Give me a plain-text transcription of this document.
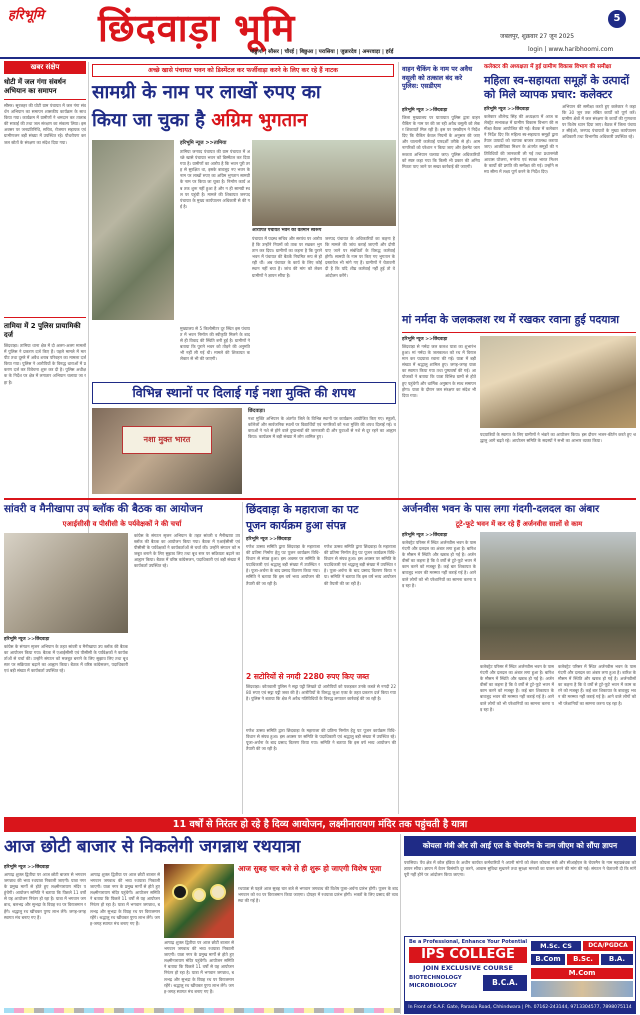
हरिभूमि छिंदवाड़ा भूमि	5
जबलपुर, शुक्रवार 27 जून 2025
login | www.haribhoomi.com
पांढुर्णा | सौसर | चौरई | बिछुआ | परासिया | जुन्नारदेव | अमरवाड़ा | हर्रई
खबर संक्षेप
धोटी में जल गंगा संवर्धन अभियान का समापन
सौसर। सूरजहर की घोटी ग्राम पंचायत में जल गंगा संवर्धन अभियान का समापन शासकीय कार्यक्रम के साथ किया गया। कार्यक्रम में ग्रामीणों ने श्रमदान कर तालाब की सफाई की तथा जल संरक्षण का संकल्प लिया। इस अवसर पर जनप्रतिनिधि, सचिव, रोजगार सहायक एवं ग्रामीणजन बड़ी संख्या में उपस्थित रहे। पौधरोपण कर जल स्रोतों के संरक्षण का संदेश दिया गया।
तामिया में 2 पुलिस प्रायामिकी दर्ज
छिंदवाड़ा। तामिया थाना क्षेत्र में दो अलग-अलग मामलों में पुलिस ने प्रकरण दर्ज किए हैं। पहले मामले में मारपीट तथा दूसरे में अवैध शराब परिवहन का मामला दर्ज किया गया। पुलिस ने आरोपियों के विरुद्ध धाराओं में प्रकरण दर्ज कर विवेचना शुरू कर दी है। पुलिस अधीक्षक के निर्देश पर क्षेत्र में लगातार अभियान चलाया जा रहा है।
अच्छे खासे पंचायत भवन को डिस्मेंटल कर फर्जीवाड़ा करने के लिए कर रहे हैं नाटक
सामग्री के नाम पर लाखों रुपए का
किया जा चुका है अग्रिम भुगतान
हरिभूमि न्यूज >>तामिया
तामिया जनपद पंचायत की ग्राम पंचायत में अच्छे खासे पंचायत भवन को डिस्मेंटल कर दिया गया है। ग्रामीणों का आरोप है कि भवन पूरी तरह से सुरक्षित था, इसके बावजूद नए भवन के नाम पर लाखों रुपए का अग्रिम भुगतान सामग्री के नाम पर किया जा चुका है। निर्माण कार्य अब तक शुरू नहीं हुआ है और न ही सामग्री स्थल पर पहुंची है। मामले की शिकायत जनपद पंचायत के मुख्य कार्यपालन अधिकारी से की गई है।
आरोपित पंचायत भवन का वर्तमान स्वरूप
पंचायत में पदस्थ सचिव और सरपंच पर आरोप है कि उन्होंने नियमों को ताक पर रखकर भुगतान कर दिया। ग्रामीणों का कहना है कि पुराने भवन में पंचायत की बैठकें नियमित रूप से हो रही थीं। अब पंचायत के कार्य के लिए कोई स्थान नहीं बचा है। जांच की मांग को लेकर ग्रामीणों ने ज्ञापन सौंपा है।
जनपद पंचायत के अधिकारियों का कहना है कि मामले की जांच कराई जाएगी और दोषी पाए जाने पर संबंधितों के विरुद्ध कार्रवाई होगी। सामग्री के नाम पर किए गए भुगतान के दस्तावेज भी मांगे गए हैं। ग्रामीणों ने चेतावनी दी है कि यदि शीघ्र कार्रवाई नहीं हुई तो वे आंदोलन करेंगे।
मुख्यालय से 5 किलोमीटर दूर स्थित इस पंचायत में भवन निर्माण की स्वीकृति मिलने के बाद से ही विवाद की स्थिति बनी हुई है। ग्रामीणों ने बताया कि पुराने भवन को तोड़ने की अनुमति भी नहीं ली गई थी। मामले की शिकायत कलेक्टर से भी की जाएगी।
विभिन्न स्थानों पर दिलाई गई नशा मुक्ति की शपथ
नशा मुक्त भारत
छिंदवाड़ा।
नशा मुक्ति अभियान के अंतर्गत जिले के विभिन्न स्थानों पर कार्यक्रम आयोजित किए गए। स्कूलों, कॉलेजों और सार्वजनिक स्थलों पर विद्यार्थियों एवं नागरिकों को नशा मुक्ति की शपथ दिलाई गई। वक्ताओं ने नशे से होने वाले दुष्प्रभावों की जानकारी दी और युवाओं से नशे से दूर रहने का आह्वान किया। कार्यक्रम में बड़ी संख्या में लोग शामिल हुए।
वाहन चैकिंग के नाम पर अवैध वसूली को तत्काल बंद करे पुलिस: एसडीएम
हरिभूमि न्यूज >>छिंदवाड़ा
जिला मुख्यालय पर यातायात पुलिस द्वारा वाहन चैकिंग के नाम पर की जा रही अवैध वसूली को लेकर शिकायतें मिल रही हैं। इस पर एसडीएम ने निर्देश दिए कि चैकिंग केवल नियमों के अनुसार की जाए और चालानी कार्रवाई पारदर्शी तरीके से हो। आम नागरिकों को परेशान न किया जाए और हेलमेट जागरूकता अभियान चलाया जाए। पुलिस अधिकारियों को स्पष्ट कहा गया कि किसी भी प्रकार की अनियमितता पाए जाने पर सख्त कार्रवाई की जाएगी।
कलेक्टर की अध्यक्षता में हुई ग्रामीण विकास विभाग की समीक्षा
महिला स्व-सहायता समूहों के उत्पादों को मिले व्यापक प्रचार: कलेक्टर
हरिभूमि न्यूज >>छिंदवाड़ा
कलेक्टर शीलेन्द्र सिंह की अध्यक्षता में आज कलेक्ट्रेट सभाकक्ष में ग्रामीण विकास विभाग की समीक्षा बैठक आयोजित की गई। बैठक में कलेक्टर ने निर्देश दिए कि महिला स्व-सहायता समूहों द्वारा तैयार उत्पादों को व्यापक बाजार उपलब्ध कराया जाए। आजीविका मिशन के अंतर्गत समूहों की गतिविधियों की जानकारी ली गई तथा प्रधानमंत्री आवास योजना, मनरेगा एवं स्वच्छ भारत मिशन के कार्यों की प्रगति की समीक्षा की गई। उन्होंने समय सीमा में लक्ष्य पूर्ण करने के निर्देश दिए।
अभियान की समीक्षा करते हुए कलेक्टर ने कहा कि 30 जून तक लंबित कार्यों को पूर्ण करें। ग्रामीण क्षेत्रों में जल संरक्षण के कार्यों की गुणवत्ता पर विशेष ध्यान दिया जाए। बैठक में जिला पंचायत सीईओ, जनपद पंचायतों के मुख्य कार्यपालन अधिकारी तथा विभागीय अधिकारी उपस्थित रहे।
मां नर्मदा के जलकलश रथ में रखकर रवाना हुई पदयात्रा
हरिभूमि न्यूज >>छिंदवाड़ा
छिंदवाड़ा से नर्मदा जल कलश यात्रा का शुभारंभ हुआ। मां नर्मदा के जलकलश को रथ में विराजमान कर पदयात्रा रवाना की गई। यात्रा में बड़ी संख्या में श्रद्धालु शामिल हुए। जगह-जगह यात्रा का स्वागत किया गया तथा पुष्पवर्षा की गई। आयोजकों ने बताया कि यात्रा विभिन्न ग्रामों से होते हुए पहुंचेगी और धार्मिक अनुष्ठान के साथ समापन होगा। यात्रा के दौरान जल संरक्षण का संदेश भी दिया गया।
पदयात्रियों के स्वागत के लिए ग्रामीणों ने भंडारे का आयोजन किया। इस दौरान भजन-कीर्तन करते हुए श्रद्धालु आगे बढ़ते रहे। आयोजन समिति के सदस्यों ने सभी का आभार व्यक्त किया।
सांवरी व मैनीखापा उप ब्लॉक की बैठक का आयोजन
एआईसीसी व पीसीसी के पर्यवेक्षकों ने की चर्चा
हरिभूमि न्यूज >>छिंदवाड़ा
कांग्रेस के संगठन सृजन अभियान के तहत सांवरी व मैनीखापा उप ब्लॉक की बैठक का आयोजन किया गया। बैठक में एआईसीसी एवं पीसीसी के पर्यवेक्षकों ने कार्यकर्ताओं से चर्चा की। उन्होंने संगठन को मजबूत बनाने के लिए सुझाव लिए तथा बूथ स्तर पर सक्रियता बढ़ाने का आह्वान किया। बैठक में वरिष्ठ कांग्रेसजन, पदाधिकारी एवं बड़ी संख्या में कार्यकर्ता उपस्थित रहे।
कांग्रेस के संगठन सृजन अभियान के तहत सांवरी व मैनीखापा उप ब्लॉक की बैठक का आयोजन किया गया। बैठक में एआईसीसी एवं पीसीसी के पर्यवेक्षकों ने कार्यकर्ताओं से चर्चा की। उन्होंने संगठन को मजबूत बनाने के लिए सुझाव लिए तथा बूथ स्तर पर सक्रियता बढ़ाने का आह्वान किया। बैठक में वरिष्ठ कांग्रेसजन, पदाधिकारी एवं बड़ी संख्या में कार्यकर्ता उपस्थित रहे।
छिंदवाड़ा के महाराजा का पट
पूजन कार्यक्रम हुआ संपन्न
हरिभूमि न्यूज >>छिंदवाड़ा
गणेश उत्सव समिति द्वारा छिंदवाड़ा के महाराजा की प्रतिमा निर्माण हेतु पट पूजन कार्यक्रम विधि-विधान से संपन्न हुआ। इस अवसर पर समिति के पदाधिकारी एवं श्रद्धालु बड़ी संख्या में उपस्थित रहे। पूजा-अर्चना के बाद प्रसाद वितरण किया गया। समिति ने बताया कि इस वर्ष भव्य आयोजन की तैयारी की जा रही है।
गणेश उत्सव समिति द्वारा छिंदवाड़ा के महाराजा की प्रतिमा निर्माण हेतु पट पूजन कार्यक्रम विधि-विधान से संपन्न हुआ। इस अवसर पर समिति के पदाधिकारी एवं श्रद्धालु बड़ी संख्या में उपस्थित रहे। पूजा-अर्चना के बाद प्रसाद वितरण किया गया। समिति ने बताया कि इस वर्ष भव्य आयोजन की तैयारी की जा रही है।
2 सटोरियों से नगदी 2280 रुपए किए जब्त
छिंदवाड़ा। कोतवाली पुलिस ने सट्टा पट्टी लिखते दो आरोपियों को पकड़कर उनके कब्जे से नगदी 2280 रुपए एवं सट्टा पट्टी जब्त की है। आरोपियों के विरुद्ध जुआ एक्ट के तहत प्रकरण दर्ज किया गया है। पुलिस ने बताया कि क्षेत्र में अवैध गतिविधियों के विरुद्ध लगातार कार्रवाई की जा रही है।
गणेश उत्सव समिति द्वारा छिंदवाड़ा के महाराजा की प्रतिमा निर्माण हेतु पट पूजन कार्यक्रम विधि-विधान से संपन्न हुआ। इस अवसर पर समिति के पदाधिकारी एवं श्रद्धालु बड़ी संख्या में उपस्थित रहे। पूजा-अर्चना के बाद प्रसाद वितरण किया गया। समिति ने बताया कि इस वर्ष भव्य आयोजन की तैयारी की जा रही है।
अर्जनवीस भवन के पास लगा गंदगी-दलदल का अंबार
टूटे-फूटे भवन में कर रहे हैं अर्जनवीस सालों से काम
हरिभूमि न्यूज >>छिंदवाड़ा
कलेक्ट्रेट परिसर में स्थित अर्जनवीस भवन के पास गंदगी और दलदल का अंबार लगा हुआ है। बारिश के मौसम में स्थिति और खराब हो गई है। अर्जनवीसों का कहना है कि वे वर्षों से टूटे-फूटे भवन में काम करने को मजबूर हैं। कई बार शिकायत के बावजूद भवन की मरम्मत नहीं कराई गई है। आने वाले लोगों को भी परेशानियों का सामना करना पड़ रहा है।
कलेक्ट्रेट परिसर में स्थित अर्जनवीस भवन के पास गंदगी और दलदल का अंबार लगा हुआ है। बारिश के मौसम में स्थिति और खराब हो गई है। अर्जनवीसों का कहना है कि वे वर्षों से टूटे-फूटे भवन में काम करने को मजबूर हैं। कई बार शिकायत के बावजूद भवन की मरम्मत नहीं कराई गई है। आने वाले लोगों को भी परेशानियों का सामना करना पड़ रहा है।
कलेक्ट्रेट परिसर में स्थित अर्जनवीस भवन के पास गंदगी और दलदल का अंबार लगा हुआ है। बारिश के मौसम में स्थिति और खराब हो गई है। अर्जनवीसों का कहना है कि वे वर्षों से टूटे-फूटे भवन में काम करने को मजबूर हैं। कई बार शिकायत के बावजूद भवन की मरम्मत नहीं कराई गई है। आने वाले लोगों को भी परेशानियों का सामना करना पड़ रहा है।
11 वर्षों से निरंतर हो रहे है दिव्य आयोजन, लक्ष्मीनारायण मंदिर तक पहुंचती है यात्रा
आज छोटी बाजार से निकलेगी जगन्नाथ रथयात्रा
हरिभूमि न्यूज >>छिंदवाड़ा
आषाढ़ शुक्ल द्वितीया पर आज छोटी बाजार से भगवान जगन्नाथ की भव्य रथयात्रा निकाली जाएगी। यात्रा नगर के प्रमुख मार्गों से होते हुए लक्ष्मीनारायण मंदिर पहुंचेगी। आयोजन समिति ने बताया कि पिछले 11 वर्षों से यह आयोजन निरंतर हो रहा है। यात्रा में भगवान जगन्नाथ, बलभद्र और सुभद्रा के विग्रह रथ पर विराजमान रहेंगे। श्रद्धालु रथ खींचकर पुण्य लाभ लेंगे। जगह-जगह स्वागत मंच बनाए गए हैं।
आषाढ़ शुक्ल द्वितीया पर आज छोटी बाजार से भगवान जगन्नाथ की भव्य रथयात्रा निकाली जाएगी। यात्रा नगर के प्रमुख मार्गों से होते हुए लक्ष्मीनारायण मंदिर पहुंचेगी। आयोजन समिति ने बताया कि पिछले 11 वर्षों से यह आयोजन निरंतर हो रहा है। यात्रा में भगवान जगन्नाथ, बलभद्र और सुभद्रा के विग्रह रथ पर विराजमान रहेंगे। श्रद्धालु रथ खींचकर पुण्य लाभ लेंगे। जगह-जगह स्वागत मंच बनाए गए हैं।
आषाढ़ शुक्ल द्वितीया पर आज छोटी बाजार से भगवान जगन्नाथ की भव्य रथयात्रा निकाली जाएगी। यात्रा नगर के प्रमुख मार्गों से होते हुए लक्ष्मीनारायण मंदिर पहुंचेगी। आयोजन समिति ने बताया कि पिछले 11 वर्षों से यह आयोजन निरंतर हो रहा है। यात्रा में भगवान जगन्नाथ, बलभद्र और सुभद्रा के विग्रह रथ पर विराजमान रहेंगे। श्रद्धालु रथ खींचकर पुण्य लाभ लेंगे। जगह-जगह स्वागत मंच बनाए गए हैं।
आज सुबह चार बजे से ही शुरू हो जाएगी विशेष पूजा
रथयात्रा से पहले आज सुबह चार बजे से भगवान जगन्नाथ की विशेष पूजा-अर्चना प्रारंभ होगी। पूजन के बाद भगवान को रथ पर विराजमान किया जाएगा। दोपहर में रथयात्रा प्रारंभ होगी। भक्तों के लिए प्रसाद की व्यवस्था की गई है।
कोयला मंत्री और सी आई एल के चेयरमैन के नाम जीएम को सौंपा ज्ञापन
परासिया। पेंच क्षेत्र में कोल इंडिया के अधीन कार्यरत कर्मचारियों ने अपनी मांगों को लेकर कोयला मंत्री और सीआईएल के चेयरमैन के नाम महाप्रबंधक को ज्ञापन सौंपा। ज्ञापन में वेतन विसंगति दूर करने, आवास सुविधा सुधारने तथा सुरक्षा मानकों का पालन करने की मांग की गई। संगठन ने चेतावनी दी कि मांगें पूरी नहीं होने पर आंदोलन किया जाएगा।
Be a Professional, Enhance Your Potential
IPS COLLEGE
JOIN EXCLUSIVE COURSE
M.Sc. CS	DCA/PGDCA
B.Com	B.Sc.	B.A.
BIOTECHNOLOGY
MICROBIOLOGY	B.C.A.
M.Com
In Front of S.A.F. Gate, Parasia Road, Chhindwara | Ph. 07162-243144, 9713304577, 7898075114
